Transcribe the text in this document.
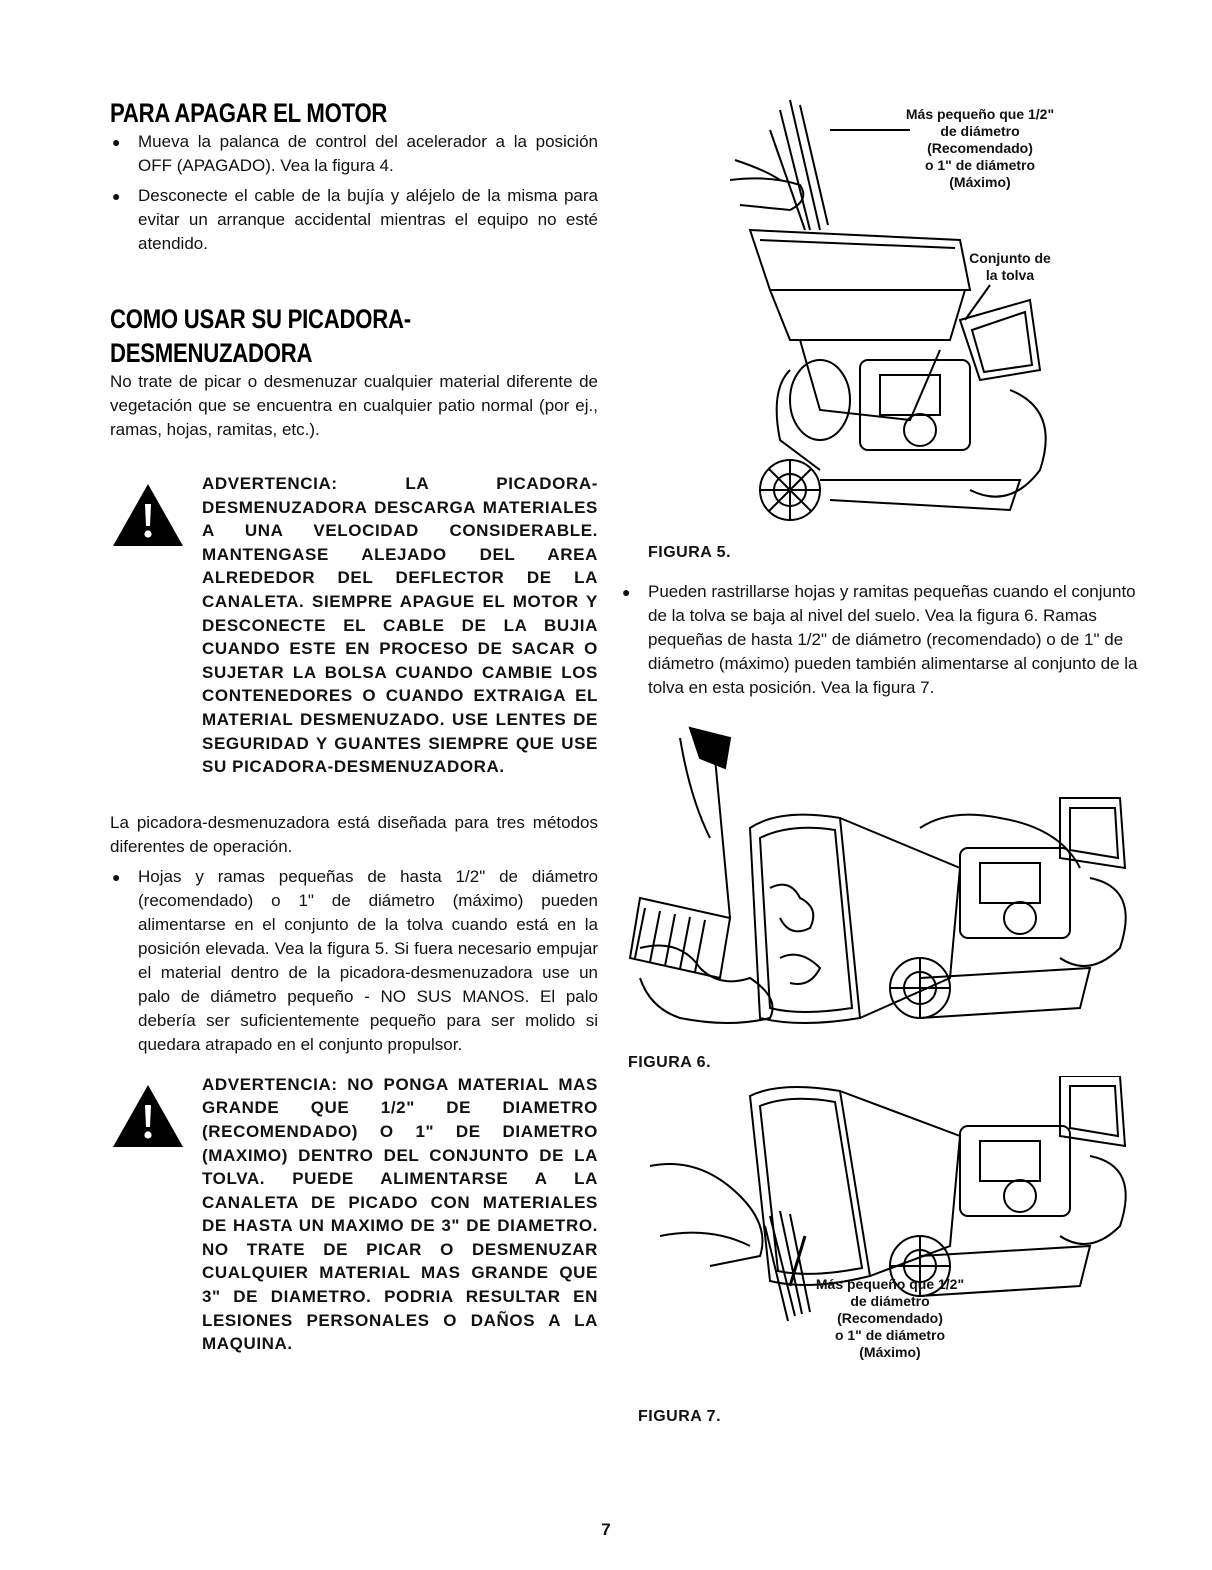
PARA APAGAR EL MOTOR
●	Mueva la palanca de control del acelerador a la posición OFF (APAGADO). Vea la figura 4.
●	Desconecte el cable de la bujía y aléjelo de la misma para evitar un arranque accidental mientras el equipo no esté atendido.
COMO USAR SU PICADORA-
DESMENUZADORA

No trate de picar o desmenuzar cualquier material diferente de vegetación que se encuentra en cualquier patio normal (por ej., ramas, hojas, ramitas, etc.).

ADVERTENCIA: LA PICADORA-DESMENUZADORA DESCARGA MATERIALES A UNA VELOCIDAD CONSIDERABLE. MANTENGASE ALEJADO DEL AREA ALREDEDOR DEL DEFLECTOR DE LA CANALETA. SIEMPRE APAGUE EL MOTOR Y DESCONECTE EL CABLE DE LA BUJIA CUANDO ESTE EN PROCESO DE SACAR O SUJETAR LA BOLSA CUANDO CAMBIE LOS CONTENEDORES O CUANDO EXTRAIGA EL MATERIAL DESMENUZADO. USE LENTES DE SEGURIDAD Y GUANTES SIEMPRE QUE USE SU PICADORA-DESMENUZADORA.

La picadora-desmenuzadora está diseñada para tres métodos diferentes de operación.

●	Hojas y ramas pequeñas de hasta 1/2" de diámetro (recomendado) o 1" de diámetro (máximo) pueden alimentarse en el conjunto de la tolva cuando está en la posición elevada. Vea la figura 5. Si fuera necesario empujar el material dentro de la picadora-desmenuzadora use un palo de diámetro pequeño - NO SUS MANOS. El palo debería ser suficientemente pequeño para ser molido si quedara atrapado en el conjunto propulsor.
ADVERTENCIA: NO PONGA MATERIAL MAS GRANDE QUE 1/2" DE DIAMETRO (RECOMENDADO) O 1" DE DIAMETRO (MAXIMO) DENTRO DEL CONJUNTO DE LA TOLVA. PUEDE ALIMENTARSE A LA CANALETA DE PICADO CON MATERIALES DE HASTA UN MAXIMO DE 3" DE DIAMETRO. NO TRATE DE PICAR O DESMENUZAR CUALQUIER MATERIAL MAS GRANDE QUE 3" DE DIAMETRO. PODRIA RESULTAR EN LESIONES PERSONALES O DAÑOS A LA MAQUINA.
Más pequeño que 1/2"
de diámetro
(Recomendado)
o 1" de diámetro
(Máximo)
Conjunto de
la tolva
FIGURA 5.
●	Pueden rastrillarse hojas y ramitas pequeñas cuando el conjunto de la tolva se baja al nivel del suelo. Vea la figura 6. Ramas pequeñas de hasta 1/2" de diámetro (recomendado) o de 1" de diámetro (máximo) pueden también alimentarse al conjunto de la tolva en esta posición. Vea la figura 7.
FIGURA 6.
Más pequeño que 1/2"
de diámetro
(Recomendado)
o 1" de diámetro
(Máximo)
FIGURA 7.
7
